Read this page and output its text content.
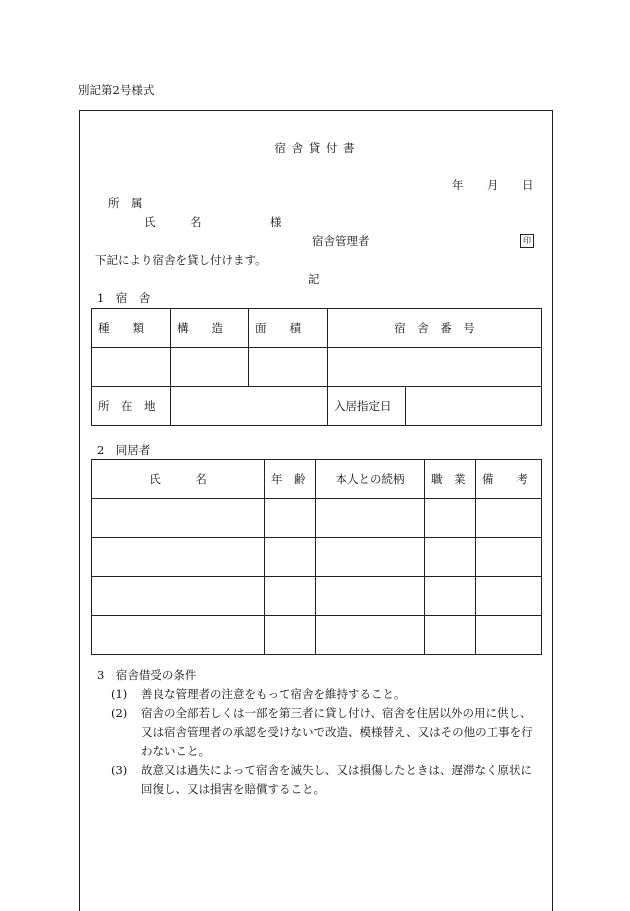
別記第2号様式
宿 舎 貸 付 書
年 月 日
所　属
氏　　　名	様
宿舎管理者	印
下記により宿舎を貸し付けます。
記
1　宿　舎
種　　類	構　　造	面　　積	宿　舎　番　号	

所　在　地			入居指定日	
2　同居者
氏　　　名	年　齢	本人との続柄	職　業	備　　考

3　宿舎借受の条件
(1) 善良な管理者の注意をもって宿舎を維持すること。
(2) 宿舎の全部若しくは一部を第三者に貸し付け、宿舎を住居以外の用に供し、又は宿舎管理者の承認を受けないで改造、模様替え、又はその他の工事を行わないこと。
(3) 故意又は過失によって宿舎を滅失し、又は損傷したときは、遅滞なく原状に回復し、又は損害を賠償すること。
